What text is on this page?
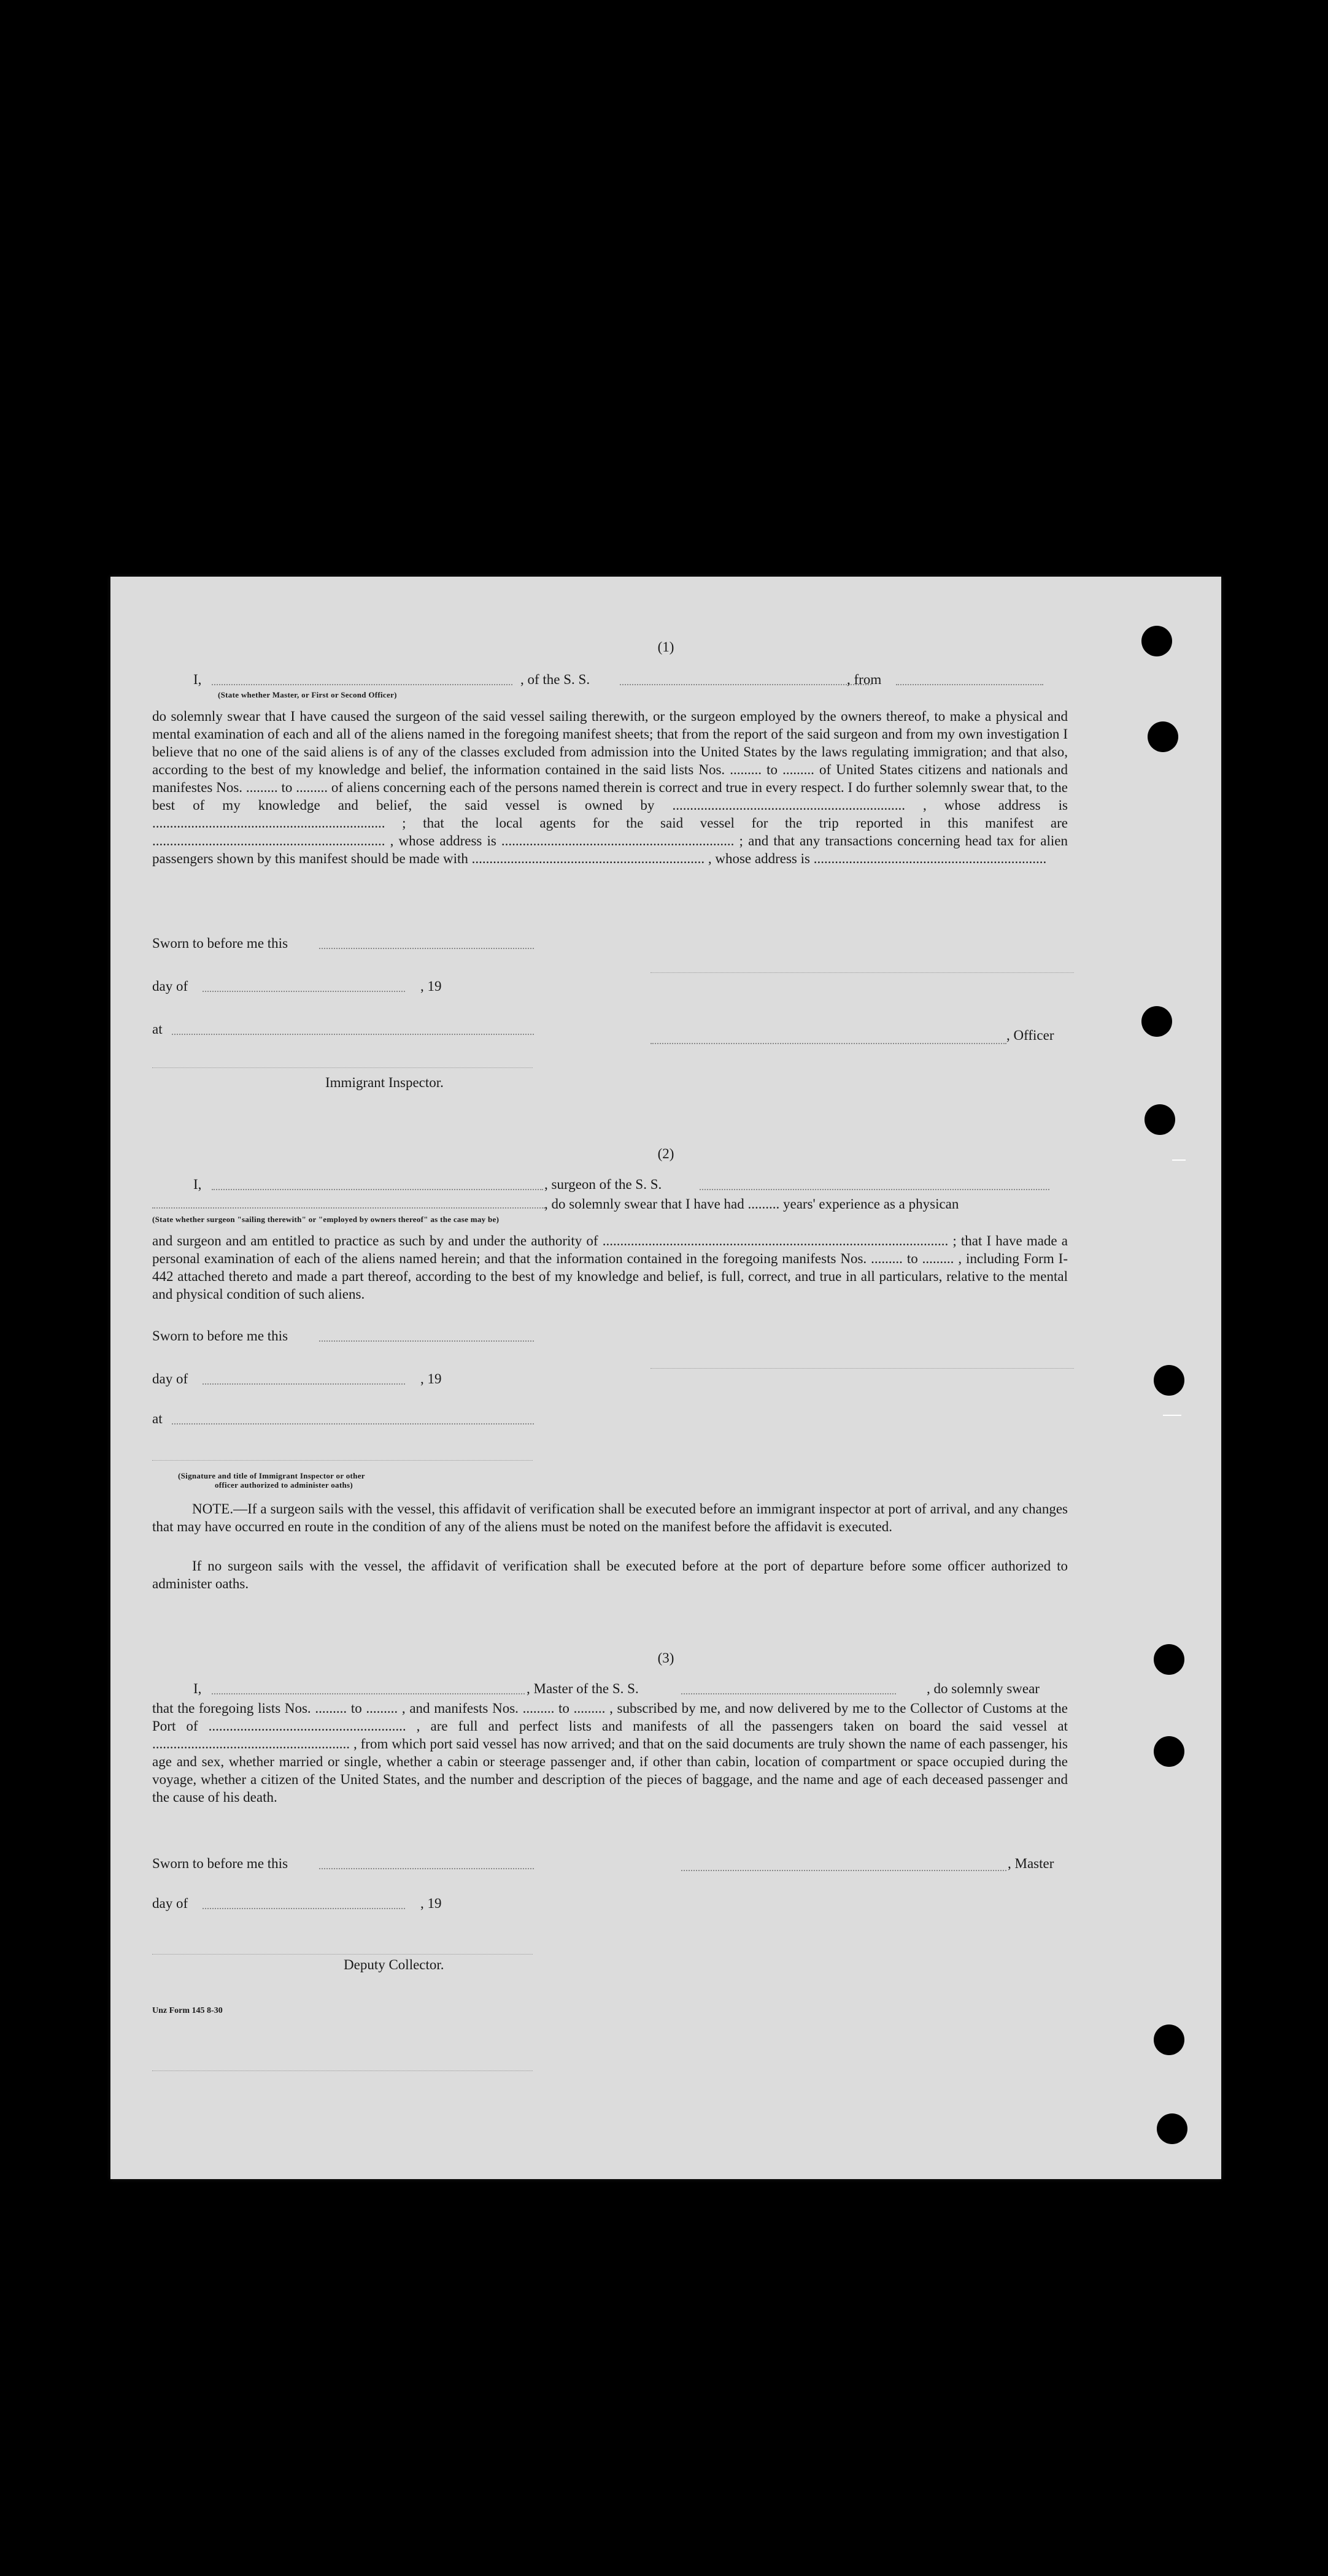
(1)
I,
(State whether Master, or First or Second Officer)
, of the S. S.	, from
do solemnly swear that I have caused the surgeon of the said vessel sailing therewith, or the surgeon employed by the owners thereof, to make a physical and mental examination of each and all of the aliens named in the foregoing manifest sheets; that from the report of the said surgeon and from my own investigation I believe that no one of the said aliens is of any of the classes excluded from admission into the United States by the laws regulating immigration; and that also, according to the best of my knowledge and belief, the information contained in the said lists Nos. ......... to ......... of United States citizens and nationals and manifestes Nos. ......... to ......... of aliens concerning each of the persons named therein is correct and true in every respect. I do further solemnly swear that, to the best of my knowledge and belief, the said vessel is owned by .................................................................. , whose address is .................................................................. ; that the local agents for the said vessel for the trip reported in this manifest are .................................................................. , whose address is .................................................................. ; and that any transactions concerning head tax for alien passengers shown by this manifest should be made with .................................................................. , whose address is ..................................................................
Sworn to before me this
day of	, 19
at	, Officer
Immigrant Inspector.
(2)
I,	, surgeon of the S. S.
, do solemnly swear that I have had ......... years' experience as a physican
(State whether surgeon "sailing therewith" or "employed by owners thereof" as the case may be)
and surgeon and am entitled to practice as such by and under the authority of .................................................................................................. ; that I have made a personal examination of each of the aliens named herein; and that the information contained in the foregoing manifests Nos. ......... to ......... , including Form I-442 attached thereto and made a part thereof, according to the best of my knowledge and belief, is full, correct, and true in all particulars, relative to the mental and physical condition of such aliens.
Sworn to before me this
day of	, 19
at
(Signature and title of Immigrant Inspector or other
officer authorized to administer oaths)
NOTE.—If a surgeon sails with the vessel, this affidavit of verification shall be executed before an immigrant inspector at port of arrival, and any changes that may have occurred en route in the condition of any of the aliens must be noted on the manifest before the affidavit is executed.
If no surgeon sails with the vessel, the affidavit of verification shall be executed before at the port of departure before some officer authorized to administer oaths.
(3)
I,	, Master of the S. S.	, do solemnly swear
that the foregoing lists Nos. ......... to ......... , and manifests Nos. ......... to ......... , subscribed by me, and now delivered by me to the Collector of Customs at the Port of ........................................................ , are full and perfect lists and manifests of all the passengers taken on board the said vessel at ........................................................ , from which port said vessel has now arrived; and that on the said documents are truly shown the name of each passenger, his age and sex, whether married or single, whether a cabin or steerage passenger and, if other than cabin, location of compartment or space occupied during the voyage, whether a citizen of the United States, and the number and description of the pieces of baggage, and the name and age of each deceased passenger and the cause of his death.
Sworn to before me this	, Master
day of	, 19
Deputy Collector.
Unz Form 145 8-30
